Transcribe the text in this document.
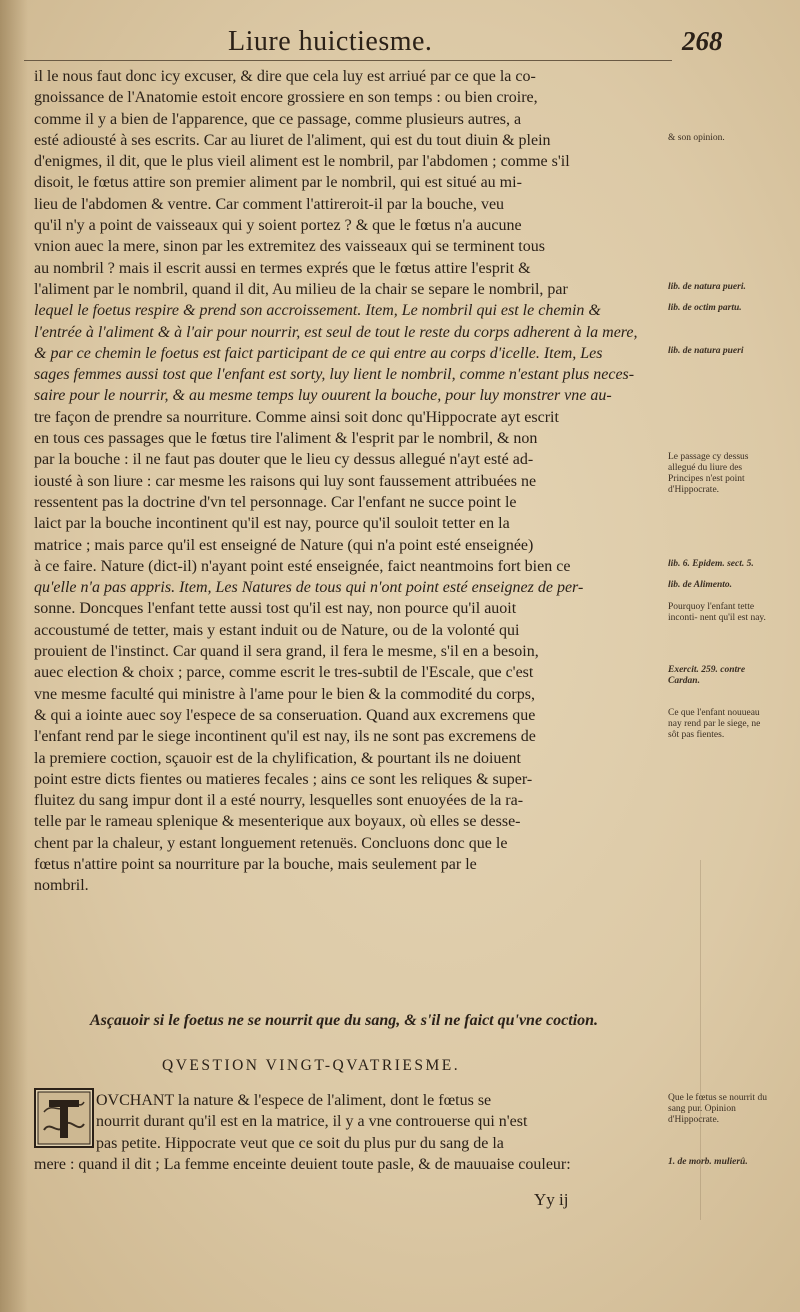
Liure huictiesme.	268
il le nous faut donc icy excuser, & dire que cela luy est arriué par ce que la co-
gnoissance de l'Anatomie estoit encore grossiere en son temps : ou bien croire,
comme il y a bien de l'apparence, que ce passage, comme plusieurs autres, a
esté adiousté à ses escrits. Car au liuret de l'aliment, qui est du tout diuin & plein
d'enigmes, il dit, que le plus vieil aliment est le nombril, par l'abdomen ; comme s'il
disoit, le fœtus attire son premier aliment par le nombril, qui est situé au mi-
lieu de l'abdomen & ventre. Car comment l'attireroit-il par la bouche, veu
qu'il n'y a point de vaisseaux qui y soient portez ? & que le fœtus n'a aucune
vnion auec la mere, sinon par les extremitez des vaisseaux qui se terminent tous
au nombril ? mais il escrit aussi en termes exprés que le fœtus attire l'esprit &
l'aliment par le nombril, quand il dit, Au milieu de la chair se separe le nombril, par
lequel le foetus respire & prend son accroissement. Item, Le nombril qui est le chemin &
l'entrée à l'aliment & à l'air pour nourrir, est seul de tout le reste du corps adherent à la mere,
& par ce chemin le foetus est faict participant de ce qui entre au corps d'icelle. Item, Les
sages femmes aussi tost que l'enfant est sorty, luy lient le nombril, comme n'estant plus neces-
saire pour le nourrir, & au mesme temps luy ouurent la bouche, pour luy monstrer vne au-
tre façon de prendre sa nourriture. Comme ainsi soit donc qu'Hippocrate ayt escrit
en tous ces passages que le fœtus tire l'aliment & l'esprit par le nombril, & non
par la bouche : il ne faut pas douter que le lieu cy dessus allegué n'ayt esté ad-
iousté à son liure : car mesme les raisons qui luy sont faussement attribuées ne
ressentent pas la doctrine d'vn tel personnage. Car l'enfant ne succe point le
laict par la bouche incontinent qu'il est nay, pource qu'il souloit tetter en la
matrice ; mais parce qu'il est enseigné de Nature (qui n'a point esté enseignée)
à ce faire. Nature (dict-il) n'ayant point esté enseignée, faict neantmoins fort bien ce
qu'elle n'a pas appris. Item, Les Natures de tous qui n'ont point esté enseignez de per-
sonne. Doncques l'enfant tette aussi tost qu'il est nay, non pource qu'il auoit
accoustumé de tetter, mais y estant induit ou de Nature, ou de la volonté qui
prouient de l'instinct. Car quand il sera grand, il fera le mesme, s'il en a besoin,
auec election & choix ; parce, comme escrit le tres-subtil de l'Escale, que c'est
vne mesme faculté qui ministre à l'ame pour le bien & la commodité du corps,
& qui a iointe auec soy l'espece de sa conseruation. Quand aux excremens que
l'enfant rend par le siege incontinent qu'il est nay, ils ne sont pas excremens de
la premiere coction, sçauoir est de la chylification, & pourtant ils ne doiuent
point estre dicts fientes ou matieres fecales ; ains ce sont les reliques & super-
fluitez du sang impur dont il a esté nourry, lesquelles sont enuoyées de la ra-
telle par le rameau splenique & mesenterique aux boyaux, où elles se desse-
chent par la chaleur, y estant longuement retenuës. Concluons donc que le
fœtus n'attire point sa nourriture par la bouche, mais seulement par le
nombril.
& son opinion.
lib. de natura pueri.
lib. de octim partu.
lib. de natura pueri
Le passage cy dessus allegué du liure des Principes n'est point d'Hippocrate.
lib. 6. Epidem. sect. 5.
lib. de Alimento.
Pourquoy l'enfant tette inconti- nent qu'il est nay.
Exercit. 259. contre Cardan.
Ce que l'enfant nouueau nay rend par le siege, ne sôt pas fientes.
Asçauoir si le foetus ne se nourrit que du sang, & s'il ne faict qu'vne coction.
QVESTION VINGT-QVATRIESME.
OVCHANT la nature & l'espece de l'aliment, dont le fœtus se
nourrit durant qu'il est en la matrice, il y a vne controuerse qui n'est
pas petite. Hippocrate veut que ce soit du plus pur du sang de la
mere : quand il dit ; La femme enceinte deuient toute pasle, & de mauuaise couleur:
Que le fœtus se nourrit du sang pur. Opinion d'Hippocrate.
1. de morb. mulierû.
Yy ij
